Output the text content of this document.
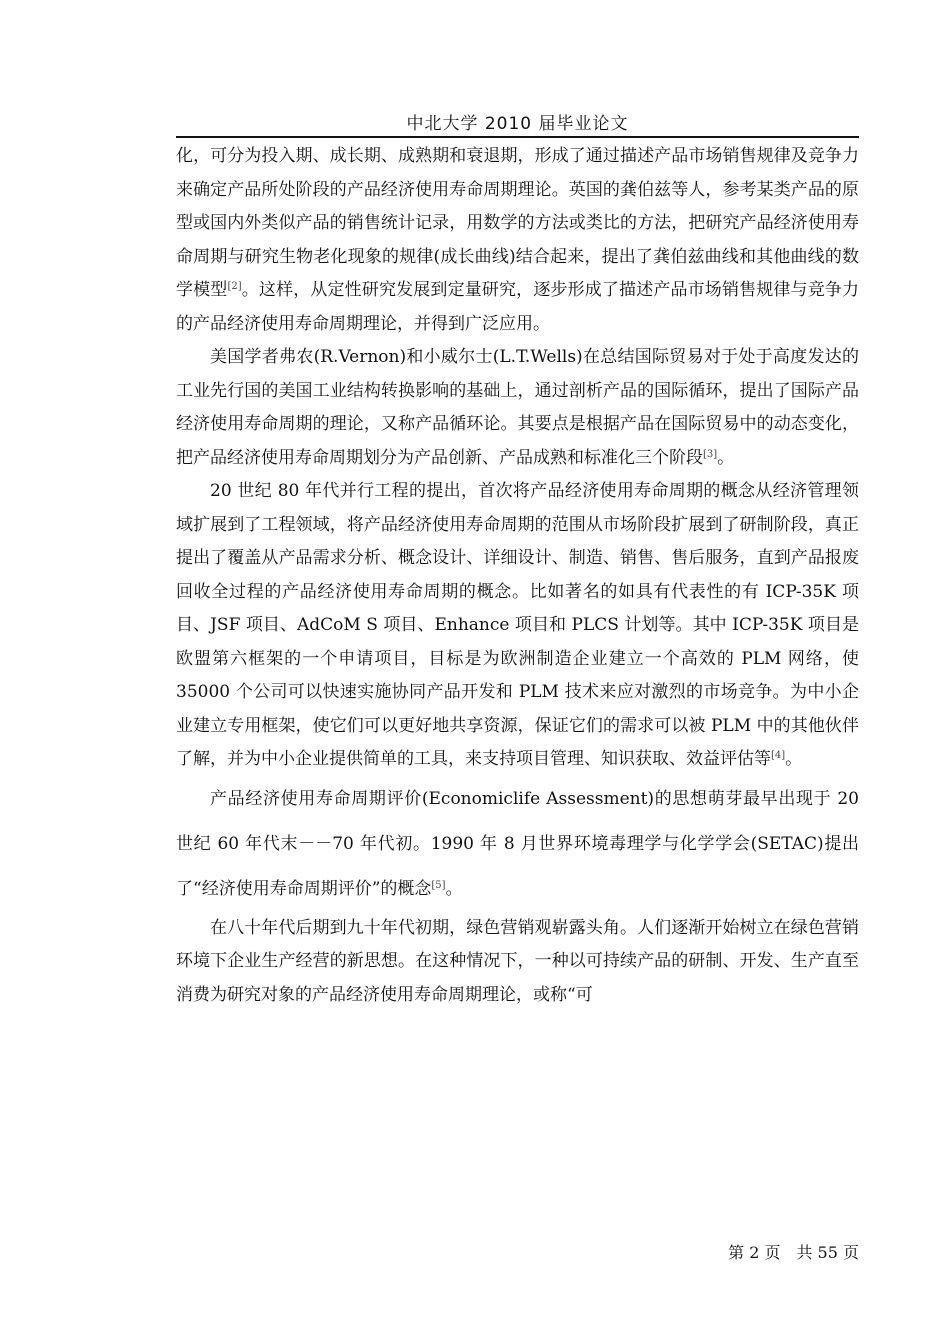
中北大学 2010 届毕业论文

化，可分为投入期、成长期、成熟期和衰退期，形成了通过描述产品市场销售规律及竞争力来确定产品所处阶段的产品经济使用寿命周期理论。英国的龚伯兹等人，参考某类产品的原型或国内外类似产品的销售统计记录，用数学的方法或类比的方法，把研究产品经济使用寿命周期与研究生物老化现象的规律(成长曲线)结合起来，提出了龚伯兹曲线和其他曲线的数学模型[2]。这样，从定性研究发展到定量研究，逐步形成了描述产品市场销售规律与竞争力的产品经济使用寿命周期理论，并得到广泛应用。

美国学者弗农(R.Vernon)和小威尔士(L.T.Wells)在总结国际贸易对于处于高度发达的工业先行国的美国工业结构转换影响的基础上，通过剖析产品的国际循环，提出了国际产品经济使用寿命周期的理论，又称产品循环论。其要点是根据产品在国际贸易中的动态变化，把产品经济使用寿命周期划分为产品创新、产品成熟和标准化三个阶段[3]。

20 世纪 80 年代并行工程的提出，首次将产品经济使用寿命周期的概念从经济管理领域扩展到了工程领域，将产品经济使用寿命周期的范围从市场阶段扩展到了研制阶段，真正提出了覆盖从产品需求分析、概念设计、详细设计、制造、销售、售后服务，直到产品报废回收全过程的产品经济使用寿命周期的概念。比如著名的如具有代表性的有 ICP-35K 项目、JSF 项目、AdCoM S 项目、Enhance 项目和 PLCS 计划等。其中 ICP-35K 项目是欧盟第六框架的一个申请项目，目标是为欧洲制造企业建立一个高效的 PLM 网络，使 35000 个公司可以快速实施协同产品开发和 PLM 技术来应对激烈的市场竞争。为中小企业建立专用框架，使它们可以更好地共享资源，保证它们的需求可以被 PLM 中的其他伙伴了解，并为中小企业提供简单的工具，来支持项目管理、知识获取、效益评估等[4]。

产品经济使用寿命周期评价(Economiclife Assessment)的思想萌芽最早出现于 20 世纪 60 年代末－－70 年代初。1990 年 8 月世界环境毒理学与化学学会(SETAC)提出了“经济使用寿命周期评价”的概念[5]。

在八十年代后期到九十年代初期，绿色营销观崭露头角。人们逐渐开始树立在绿色营销环境下企业生产经营的新思想。在这种情况下，一种以可持续产品的研制、开发、生产直至消费为研究对象的产品经济使用寿命周期理论，或称“可

第 2 页　共 55 页
